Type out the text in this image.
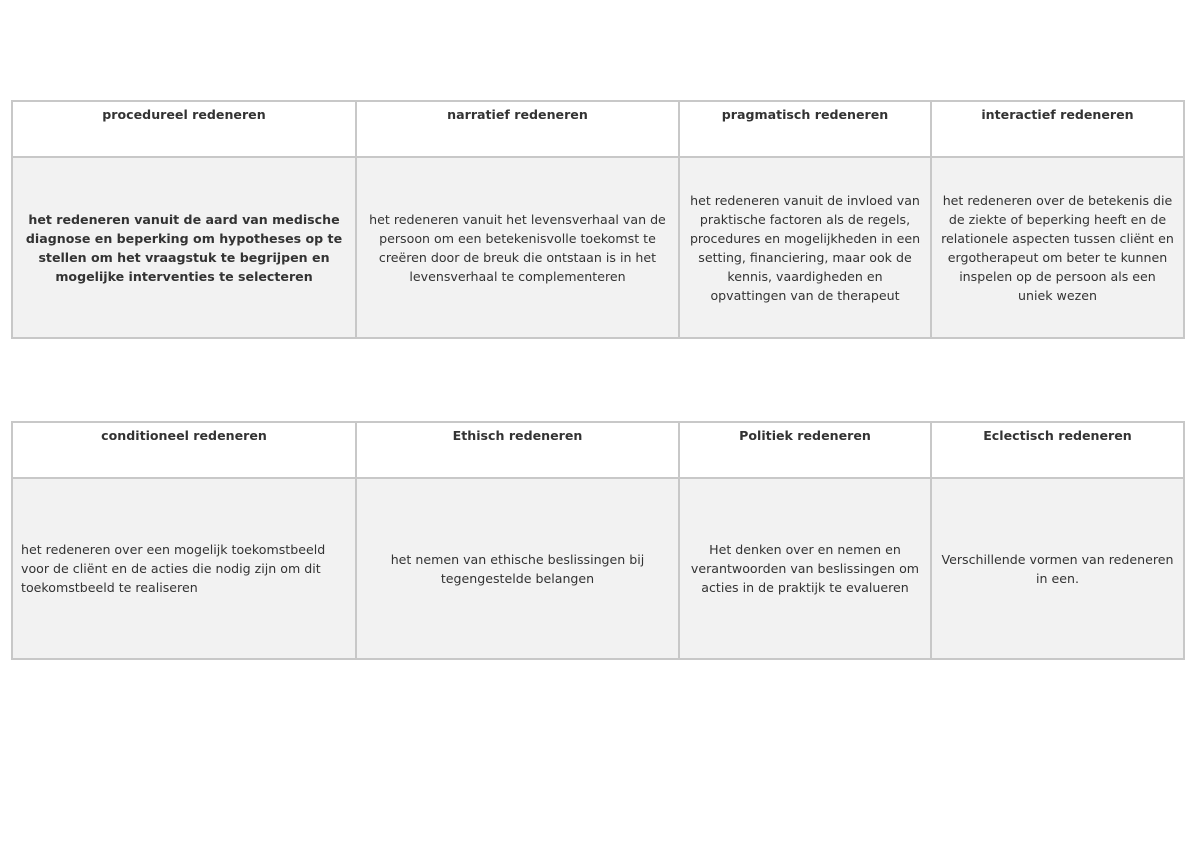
procedureel redeneren	narratief redeneren	pragmatisch redeneren	interactief redeneren
het redeneren vanuit de aard van medische diagnose en beperking om hypotheses op te stellen om het vraagstuk te begrijpen en mogelijke interventies te selecteren	het redeneren vanuit het levensverhaal van de persoon om een betekenisvolle toekomst te creëren door de breuk die ontstaan is in het levensverhaal te complementeren	het redeneren vanuit de invloed van praktische factoren als de regels, procedures en mogelijkheden in een setting, financiering, maar ook de kennis, vaardigheden en opvattingen van de therapeut	het redeneren over de betekenis die de ziekte of beperking heeft en de relationele aspecten tussen cliënt en ergotherapeut om beter te kunnen inspelen op de persoon als een uniek wezen
conditioneel redeneren	Ethisch redeneren	Politiek redeneren	Eclectisch redeneren
het redeneren over een mogelijk toekomstbeeld voor de cliënt en de acties die nodig zijn om dit toekomstbeeld te realiseren	het nemen van ethische beslissingen bij tegengestelde belangen	Het denken over en nemen en verantwoorden van beslissingen om acties in de praktijk te evalueren	Verschillende vormen van redeneren in een.
